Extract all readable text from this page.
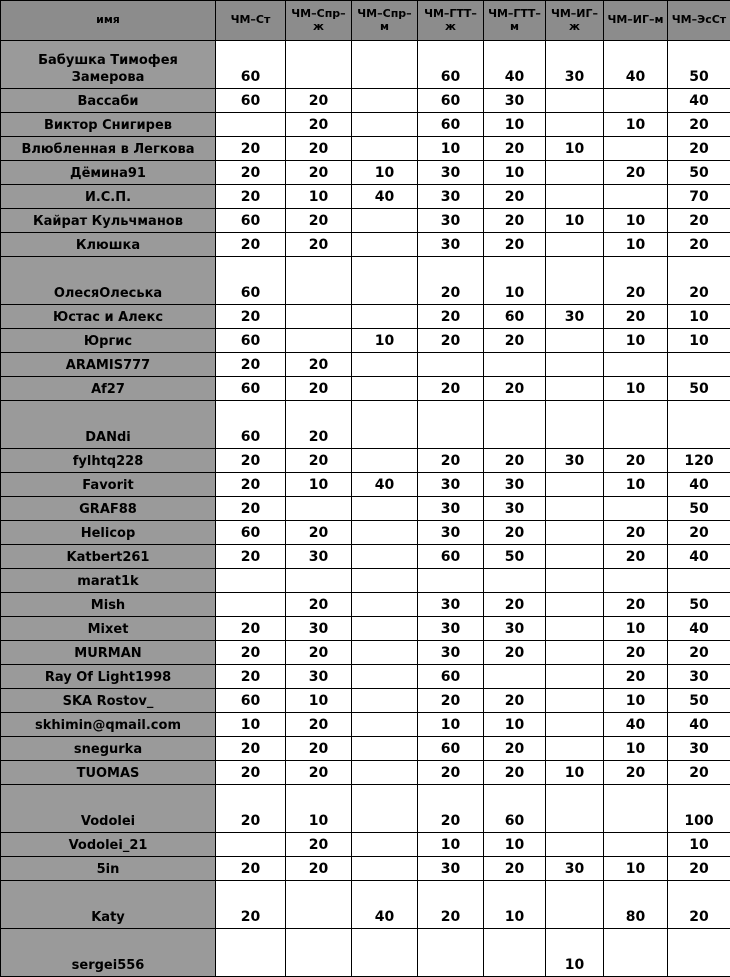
имя	ЧМ–Ст	ЧМ–Спр–ж	ЧМ–Спр–м	ЧМ–ГТТ–ж	ЧМ–ГТТ–м	ЧМ–ИГ–ж	ЧМ–ИГ–м	ЧМ–ЭсСт
Бабушка Тимофея Замерова	60			60	40	30	40	50
Вассаби	60	20		60	30			40
Виктор Снигирев		20		60	10		10	20
Влюбленная в Легкова	20	20		10	20	10		20
Дёмина91	20	20	10	30	10		20	50
И.С.П.	20	10	40	30	20			70
Кайрат Кульчманов	60	20		30	20	10	10	20
Клюшка	20	20		30	20		10	20
ОлесяОлеська	60			20	10		20	20
Юстас и Алекс	20			20	60	30	20	10
Юргис	60		10	20	20		10	10
ARAMIS777	20	20						
Af27	60	20		20	20		10	50
DANdi	60	20						
fylhtq228	20	20		20	20	30	20	120
Favorit	20	10	40	30	30		10	40
GRAF88	20			30	30			50
Helicop	60	20		30	20		20	20
Katbert261	20	30		60	50		20	40
marat1k								
Mish		20		30	20		20	50
Mixet	20	30		30	30		10	40
MURMAN	20	20		30	20		20	20
Ray Of Light1998	20	30		60			20	30
SKA Rostov_	60	10		20	20		10	50
skhimin@qmail.com	10	20		10	10		40	40
snegurka	20	20		60	20		10	30
TUOMAS	20	20		20	20	10	20	20
Vodolei	20	10		20	60			100
Vodolei_21		20		10	10			10
5in	20	20		30	20	30	10	20
Katy	20		40	20	10		80	20
sergei556						10		
